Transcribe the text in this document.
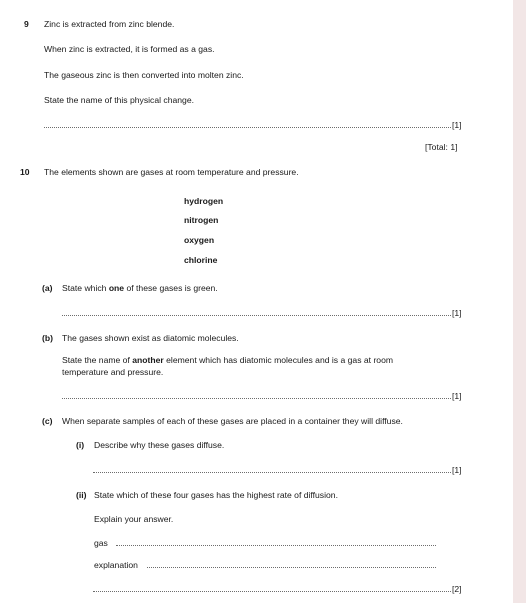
9 Zinc is extracted from zinc blende.
When zinc is extracted, it is formed as a gas.
The gaseous zinc is then converted into molten zinc.
State the name of this physical change.
[1]
[Total: 1]
10 The elements shown are gases at room temperature and pressure.
hydrogen
nitrogen
oxygen
chlorine
(a) State which one of these gases is green.
[1]
(b) The gases shown exist as diatomic molecules.
State the name of another element which has diatomic molecules and is a gas at room
temperature and pressure.
[1]
(c) When separate samples of each of these gases are placed in a container they will diffuse.
(i) Describe why these gases diffuse.
[1]
(ii) State which of these four gases has the highest rate of diffusion.
Explain your answer.
gas
explanation
[2]
